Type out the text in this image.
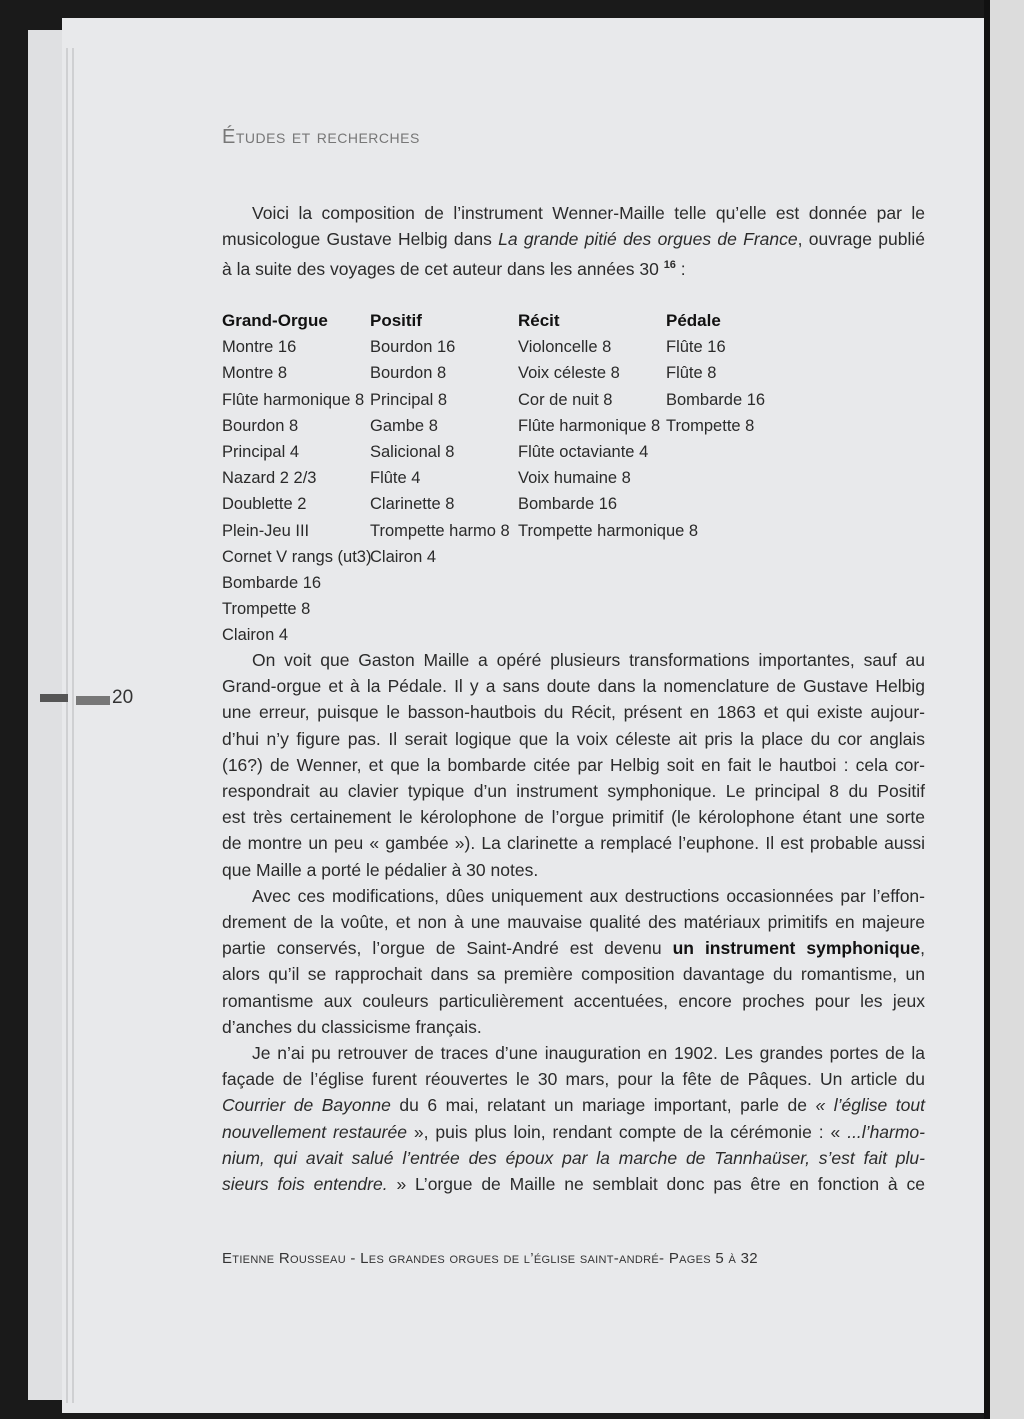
Études et recherches
Voici la composition de l’instrument Wenner-Maille telle qu’elle est donnée par le
musicologue Gustave Helbig dans La grande pitié des orgues de France, ouvrage publié
à la suite des voyages de cet auteur dans les années 30 $^{16}$ :
Grand-Orgue
Montre 16
Montre 8
Flûte harmonique 8
Bourdon 8
Principal 4
Nazard 2 2/3
Doublette 2
Plein-Jeu III
Cornet V rangs (ut3)
Bombarde 16
Trompette 8
Clairon 4
Positif
Bourdon 16
Bourdon 8
Principal 8
Gambe 8
Salicional 8
Flûte 4
Clarinette 8
Trompette harmo 8
Clairon 4
Récit
Violoncelle 8
Voix céleste 8
Cor de nuit 8
Flûte harmonique 8
Flûte octaviante 4
Voix humaine 8
Bombarde 16
Trompette harmonique 8
Pédale
Flûte 16
Flûte 8
Bombarde 16
Trompette 8
On voit que Gaston Maille a opéré plusieurs transformations importantes, sauf au
Grand-orgue et à la Pédale. Il y a sans doute dans la nomenclature de Gustave Helbig
une erreur, puisque le basson-hautbois du Récit, présent en 1863 et qui existe aujour-
d’hui n’y figure pas. Il serait logique que la voix céleste ait pris la place du cor anglais
(16?) de Wenner, et que la bombarde citée par Helbig soit en fait le hautboi : cela cor-
respondrait au clavier typique d’un instrument symphonique. Le principal 8 du Positif
est très certainement le kérolophone de l’orgue primitif (le kérolophone étant une sorte
de montre un peu « gambée »). La clarinette a remplacé l’euphone. Il est probable aussi
que Maille a porté le pédalier à 30 notes.
Avec ces modifications, dûes uniquement aux destructions occasionnées par l’effon-
drement de la voûte, et non à une mauvaise qualité des matériaux primitifs en majeure
partie conservés, l’orgue de Saint-André est devenu un instrument symphonique,
alors qu’il se rapprochait dans sa première composition davantage du romantisme, un
romantisme aux couleurs particulièrement accentuées, encore proches pour les jeux
d’anches du classicisme français.
Je n’ai pu retrouver de traces d’une inauguration en 1902. Les grandes portes de la
façade de l’église furent réouvertes le 30 mars, pour la fête de Pâques. Un article du
Courrier de Bayonne du 6 mai, relatant un mariage important, parle de « l’église tout
nouvellement restaurée », puis plus loin, rendant compte de la cérémonie : « ...l’harmo-
nium, qui avait salué l’entrée des époux par la marche de Tannhaüser, s’est fait plu-
sieurs fois entendre. » L’orgue de Maille ne semblait donc pas être en fonction à ce
20
Etienne Rousseau - Les grandes orgues de l’église saint-andré- Pages 5 à 32
